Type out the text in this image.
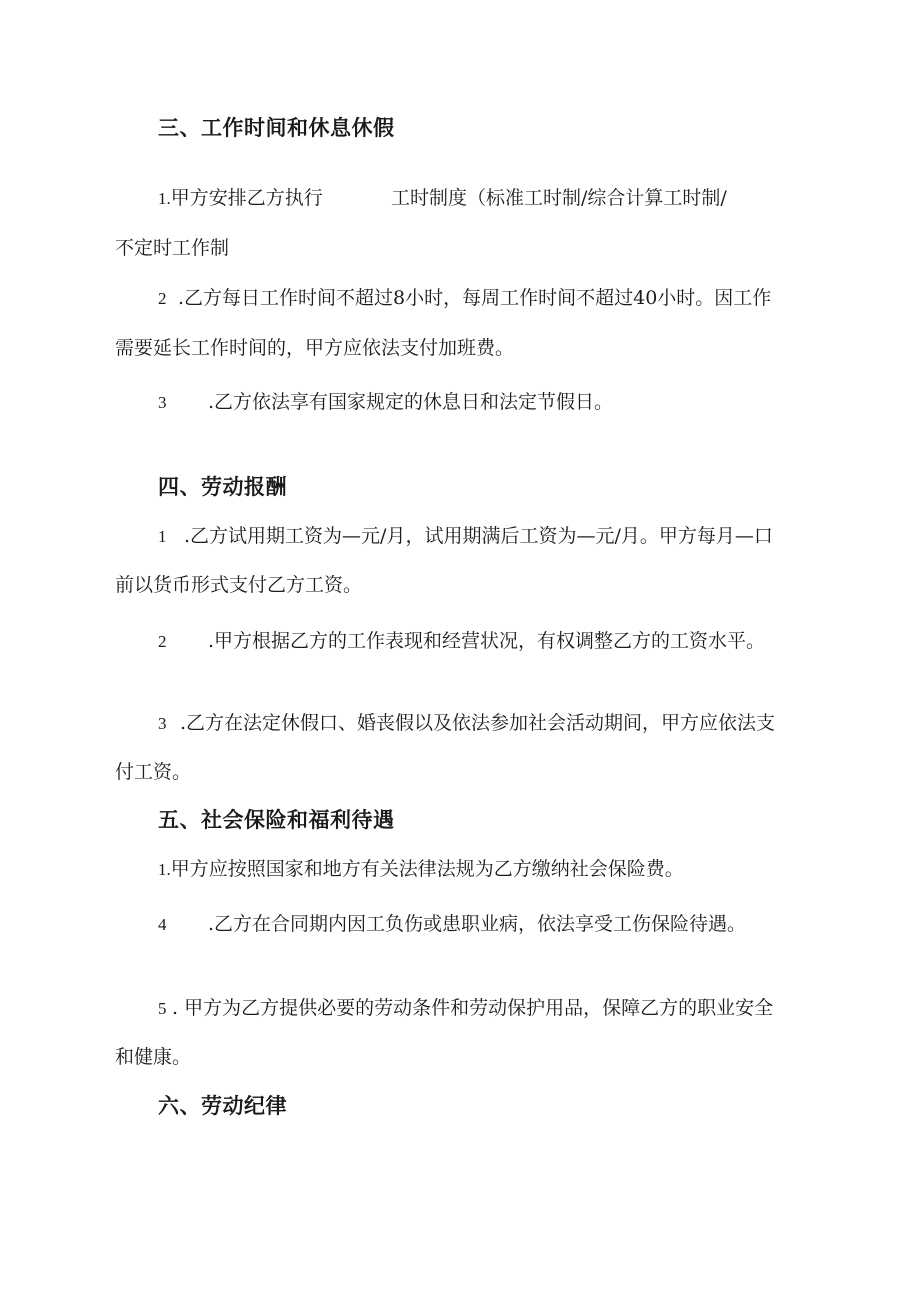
三、工作时间和休息休假
1.甲方安排乙方执行	工时制度（标准工时制/综合计算工时制/
不定时工作制
2 .乙方每日工作时间不超过8小时，每周工作时间不超过40小时。因工作
需要延长工作时间的，甲方应依法支付加班费。
3 .乙方依法享有国家规定的休息日和法定节假日。
四、劳动报酬
1 .乙方试用期工资为—元/月，试用期满后工资为—元/月。甲方每月—口
前以货币形式支付乙方工资。
2 .甲方根据乙方的工作表现和经营状况，有权调整乙方的工资水平。
3 .乙方在法定休假口、婚丧假以及依法参加社会活动期间，甲方应依法支
付工资。
五、社会保险和福利待遇
1.甲方应按照国家和地方有关法律法规为乙方缴纳社会保险费。
4 .乙方在合同期内因工负伤或患职业病，依法享受工伤保险待遇。
5 . 甲方为乙方提供必要的劳动条件和劳动保护用品，保障乙方的职业安全
和健康。
六、劳动纪律
